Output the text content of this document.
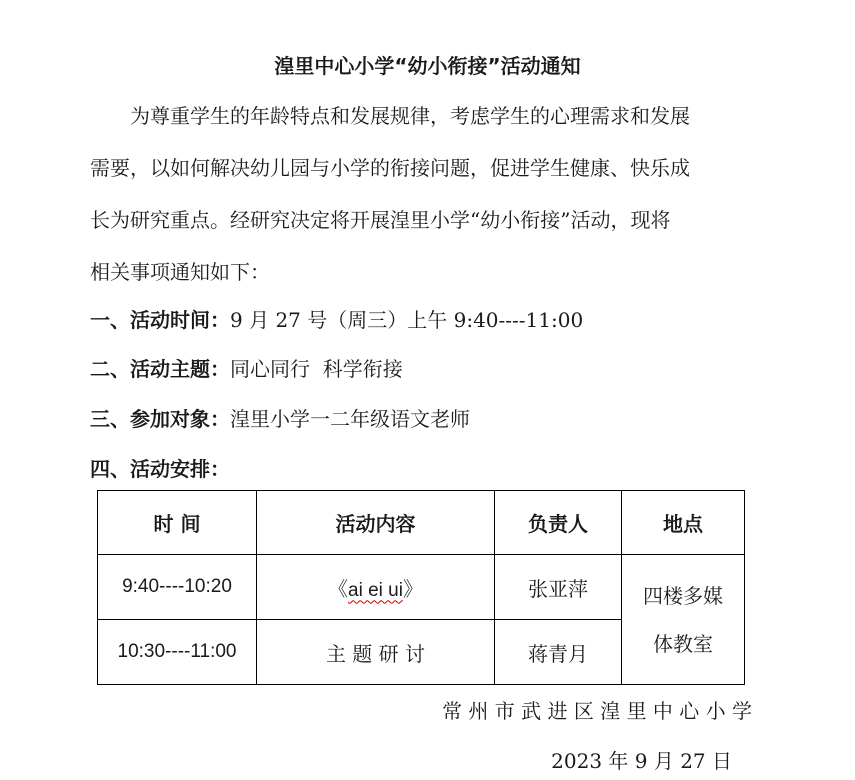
湟里中心小学“幼小衔接”活动通知
为尊重学生的年龄特点和发展规律，考虑学生的心理需求和发展
需要，以如何解决幼儿园与小学的衔接问题，促进学生健康、快乐成
长为研究重点。经研究决定将开展湟里小学“幼小衔接”活动，现将
相关事项通知如下：
一、活动时间：9 月 27 号（周三）上午 9:40----11:00
二、活动主题：同心同行  科学衔接
三、参加对象：湟里小学一二年级语文老师
四、活动安排：
时 间	活动内容	负责人	地点
9:40----10:20	《ai ei ui》	张亚萍	四楼多媒
体教室

10:30----11:00	主 题 研 讨	蒋青月	
常 州 市 武 进 区 湟 里 中 心 小 学
2023 年 9 月 27 日
